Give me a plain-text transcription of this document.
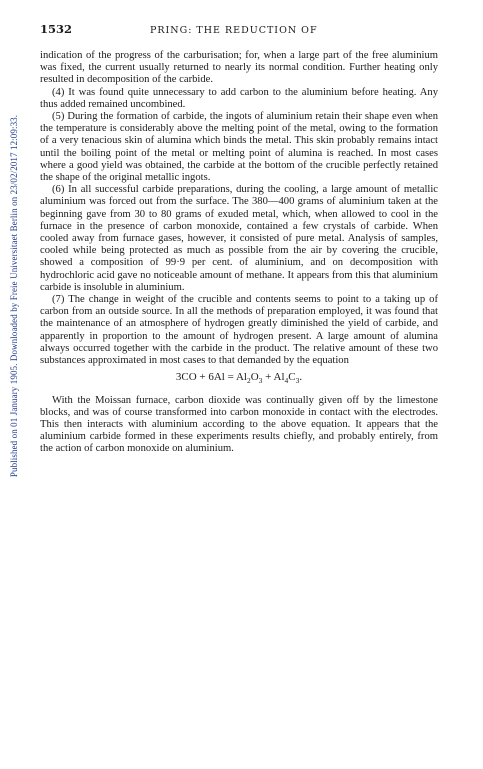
Published on 01 January 1905. Downloaded by Freie Universitaet Berlin on 23/02/2017 12:09:33.
1532	PRING: THE REDUCTION OF

indication of the progress of the carburisation; for, when a large part of the free aluminium was fixed, the current usually returned to nearly its normal condition. Further heating only resulted in decomposition of the carbide.

(4) It was found quite unnecessary to add carbon to the aluminium before heating. Any thus added remained uncombined.

(5) During the formation of carbide, the ingots of aluminium retain their shape even when the temperature is considerably above the melting point of the metal, owing to the formation of a very tenacious skin of alumina which binds the metal. This skin probably remains intact until the boiling point of the metal or melting point of alumina is reached. In most cases where a good yield was obtained, the carbide at the bottom of the crucible perfectly retained the shape of the original metallic ingots.

(6) In all successful carbide preparations, during the cooling, a large amount of metallic aluminium was forced out from the surface. The 380—400 grams of aluminium taken at the beginning gave from 30 to 80 grams of exuded metal, which, when allowed to cool in the furnace in the presence of carbon monoxide, contained a few crystals of carbide. When cooled away from furnace gases, however, it consisted of pure metal. Analysis of samples, cooled while being protected as much as possible from the air by covering the crucible, showed a composition of 99·9 per cent. of aluminium, and on decomposition with hydrochloric acid gave no noticeable amount of methane. It appears from this that aluminium carbide is insoluble in aluminium.

(7) The change in weight of the crucible and contents seems to point to a taking up of carbon from an outside source. In all the methods of preparation employed, it was found that the maintenance of an atmosphere of hydrogen greatly diminished the yield of carbide, and apparently in proportion to the amount of hydrogen present. A large amount of alumina always occurred together with the carbide in the product. The relative amount of these two substances approximated in most cases to that demanded by the equation

$3CO + 6Al = Al_2O_3 + Al_4C_3$.

With the Moissan furnace, carbon dioxide was continually given off by the limestone blocks, and was of course transformed into carbon monoxide in contact with the electrodes. This then interacts with aluminium according to the above equation. It appears that the aluminium carbide formed in these experiments results chiefly, and probably entirely, from the action of carbon monoxide on aluminium.
